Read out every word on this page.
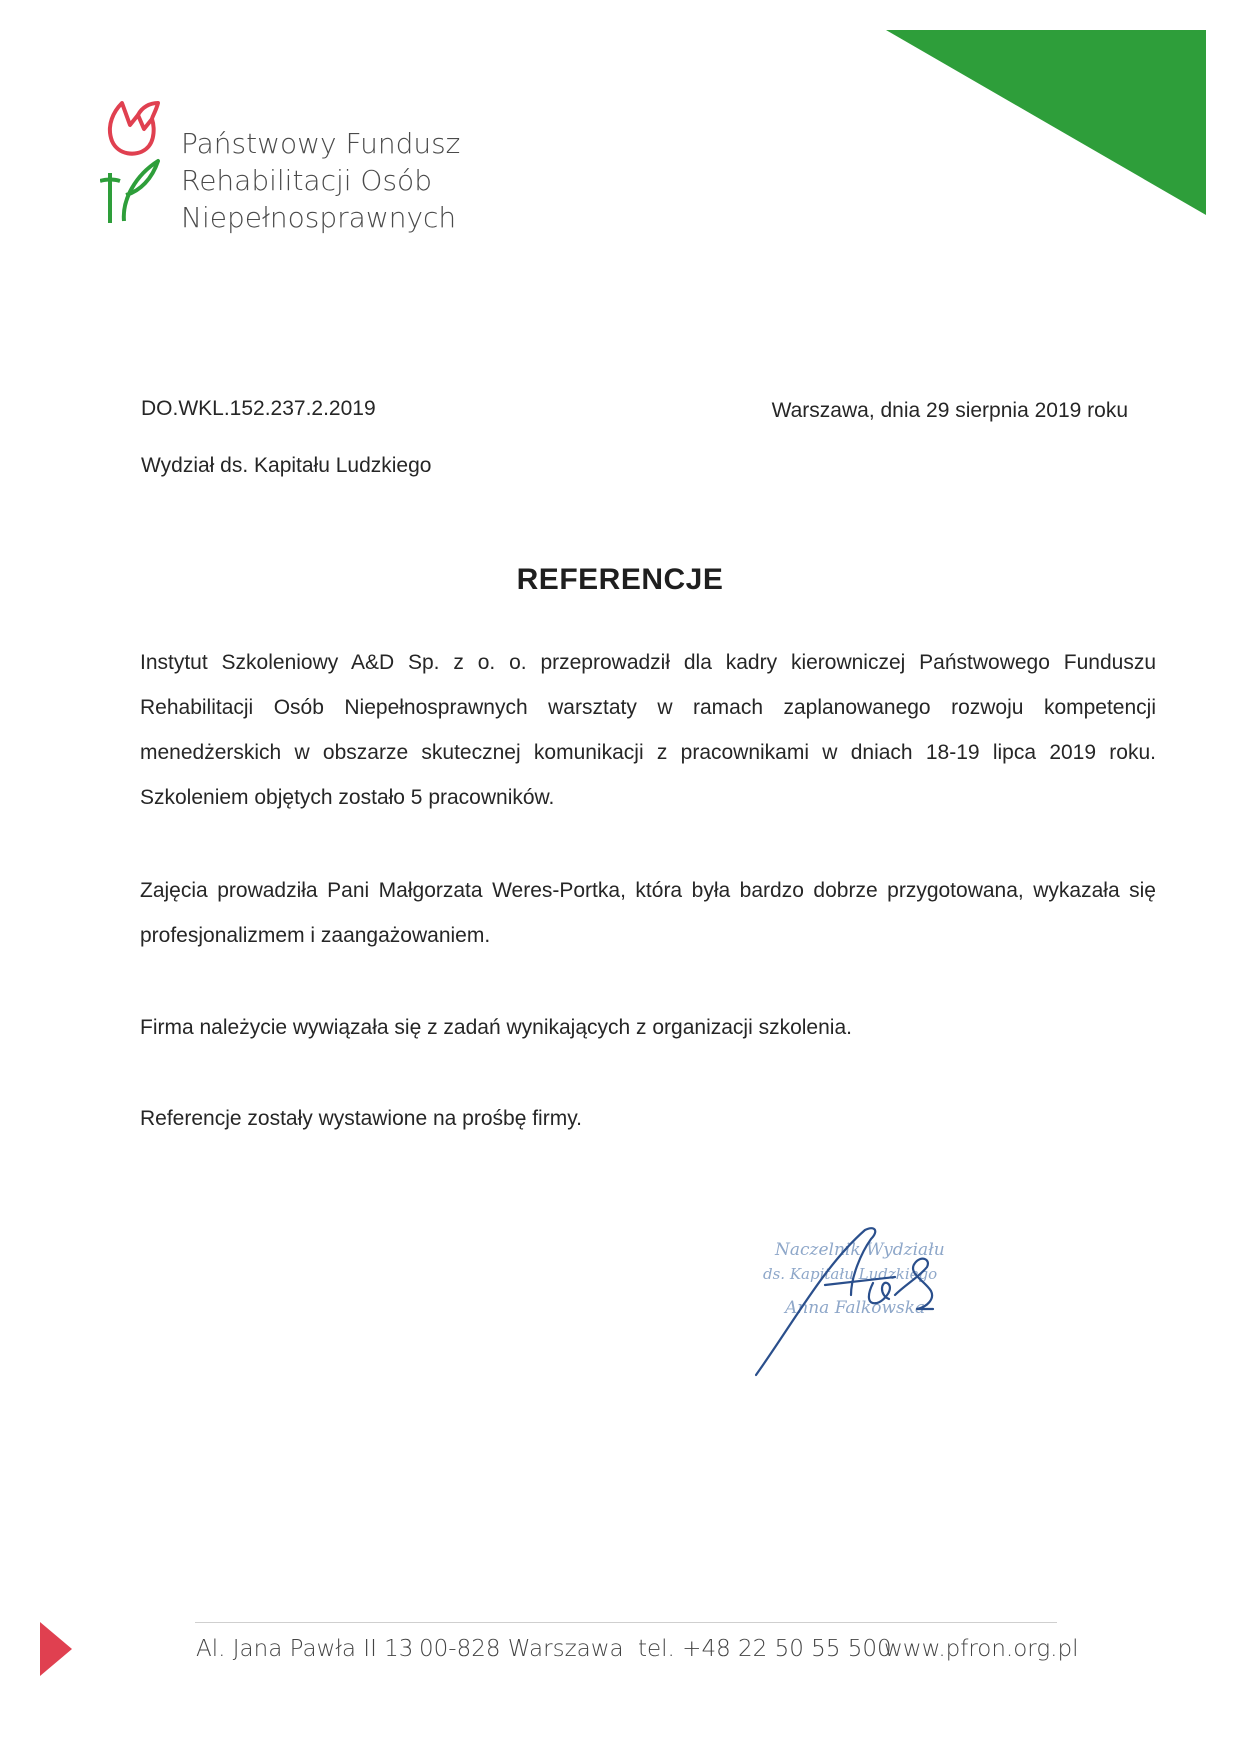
Państwowy Fundusz
Rehabilitacji Osób
Niepełnosprawnych
DO.WKL.152.237.2.2019	Warszawa, dnia 29 sierpnia 2019 roku
Wydział ds. Kapitału Ludzkiego
REFERENCJE
Instytut Szkoleniowy A&D Sp. z o. o. przeprowadził dla kadry kierowniczej Państwowego Funduszu Rehabilitacji Osób Niepełnosprawnych warsztaty w ramach zaplanowanego rozwoju kompetencji menedżerskich w obszarze skutecznej komunikacji z pracownikami w dniach 18-19 lipca 2019 roku. Szkoleniem objętych zostało 5 pracowników.
Zajęcia prowadziła Pani Małgorzata Weres-Portka, która była bardzo dobrze przygotowana, wykazała się profesjonalizmem i zaangażowaniem.
Firma należycie wywiązała się z zadań wynikających z organizacji szkolenia.
Referencje zostały wystawione na prośbę firmy.
Naczelnik Wydziału
ds. Kapitału Ludzkiego
Anna Falkowska
Al. Jana Pawła II 13 00-828 Warszawa tel. +48 22 50 55 500
www.pfron.org.pl
